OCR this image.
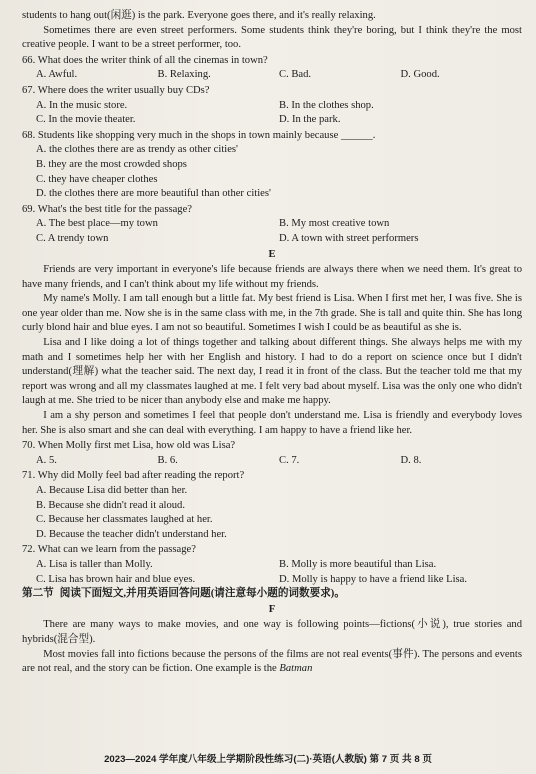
students to hang out(闲逛) is the park. Everyone goes there, and it's really relaxing.

Sometimes there are even street performers. Some students think they're boring, but I think they're the most creative people. I want to be a street performer, too.

66. What does the writer think of all the cinemas in town?

A. Awful.	B. Relaxing.	C. Bad.	D. Good.

67. Where does the writer usually buy CDs?

A. In the music store.	B. In the clothes shop.
C. In the movie theater.	D. In the park.

68. Students like shopping very much in the shops in town mainly because ______.

A. the clothes there are as trendy as other cities'
B. they are the most crowded shops
C. they have cheaper clothes
D. the clothes there are more beautiful than other cities'

69. What's the best title for the passage?

A. The best place—my town	B. My most creative town
C. A trendy town	D. A town with street performers
E

Friends are very important in everyone's life because friends are always there when we need them. It's great to have many friends, and I can't think about my life without my friends.

My name's Molly. I am tall enough but a little fat. My best friend is Lisa. When I first met her, I was five. She is one year older than me. Now she is in the same class with me, in the 7th grade. She is tall and quite thin. She has long curly blond hair and blue eyes. I am not so beautiful. Sometimes I wish I could be as beautiful as she is.

Lisa and I like doing a lot of things together and talking about different things. She always helps me with my math and I sometimes help her with her English and history. I had to do a report on science once but I didn't understand(理解) what the teacher said. The next day, I read it in front of the class. But the teacher told me that my report was wrong and all my classmates laughed at me. I felt very bad about myself. Lisa was the only one who didn't laugh at me. She tried to be nicer than anybody else and make me happy.

I am a shy person and sometimes I feel that people don't understand me. Lisa is friendly and everybody loves her. She is also smart and she can deal with everything. I am happy to have a friend like her.

70. When Molly first met Lisa, how old was Lisa?

A. 5.	B. 6.	C. 7.	D. 8.

71. Why did Molly feel bad after reading the report?

A. Because Lisa did better than her.
B. Because she didn't read it aloud.
C. Because her classmates laughed at her.
D. Because the teacher didn't understand her.

72. What can we learn from the passage?

A. Lisa is taller than Molly.	B. Molly is more beautiful than Lisa.
C. Lisa has brown hair and blue eyes.	D. Molly is happy to have a friend like Lisa.
第二节 阅读下面短文,并用英语回答问题(请注意每小题的词数要求)。
F

There are many ways to make movies, and one way is following points—fictions(小说), true stories and hybrids(混合型).

Most movies fall into fictions because the persons of the films are not real events(事件). The persons and events are not real, and the story can be fiction. One example is the Batman

2023—2024 学年度八年级上学期阶段性练习(二)·英语(人教版) 第 7 页 共 8 页
